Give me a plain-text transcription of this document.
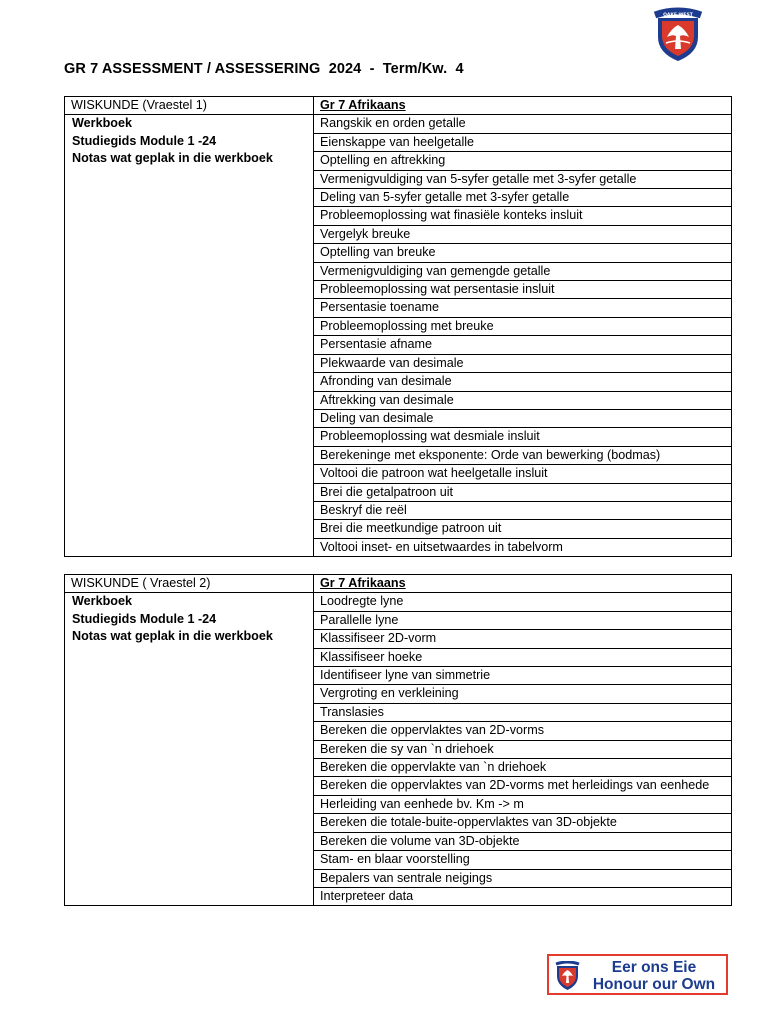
OAKE WEST
GR 7 ASSESSMENT / ASSESSERING  2024  -  Term/Kw.  4
WISKUNDE (Vraestel 1)	Gr 7 Afrikaans

Werkboek
Studiegids Module 1 -24
Notas wat geplak in die werkboek	Rangskik en orden getalle
	Eienskappe van heelgetalle
	Optelling en aftrekking
	Vermenigvuldiging van 5-syfer getalle met 3-syfer getalle
	Deling van 5-syfer getalle met 3-syfer getalle
	Probleemoplossing wat finasiële konteks insluit
	Vergelyk breuke
	Optelling van breuke
	Vermenigvuldiging van gemengde getalle
	Probleemoplossing wat persentasie insluit
	Persentasie toename
	Probleemoplossing met breuke
	Persentasie afname
	Plekwaarde van desimale
	Afronding van desimale
	Aftrekking van desimale
	Deling van desimale
	Probleemoplossing wat desmiale insluit
	Berekeninge met eksponente: Orde van bewerking (bodmas)
	Voltooi die patroon wat heelgetalle insluit
	Brei die getalpatroon uit
	Beskryf die reël
	Brei die meetkundige patroon uit
	Voltooi inset- en uitsetwaardes in tabelvorm
WISKUNDE ( Vraestel 2)	Gr 7 Afrikaans

Werkboek
Studiegids Module 1 -24
Notas wat geplak in die werkboek	Loodregte lyne
	Parallelle lyne
	Klassifiseer 2D-vorm
	Klassifiseer hoeke
	Identifiseer lyne van simmetrie
	Vergroting en verkleining
	Translasies
	Bereken die oppervlaktes van 2D-vorms
	Bereken die sy van `n driehoek
	Bereken die oppervlakte van `n driehoek
	Bereken die oppervlaktes van 2D-vorms met herleidings van eenhede
	Herleiding van eenhede bv. Km -> m
	Bereken die totale-buite-oppervlaktes van 3D-objekte
	Bereken die volume van 3D-objekte
	Stam- en blaar voorstelling
	Bepalers van sentrale neigings
	Interpreteer data
Eer ons Eie
Honour our Own
